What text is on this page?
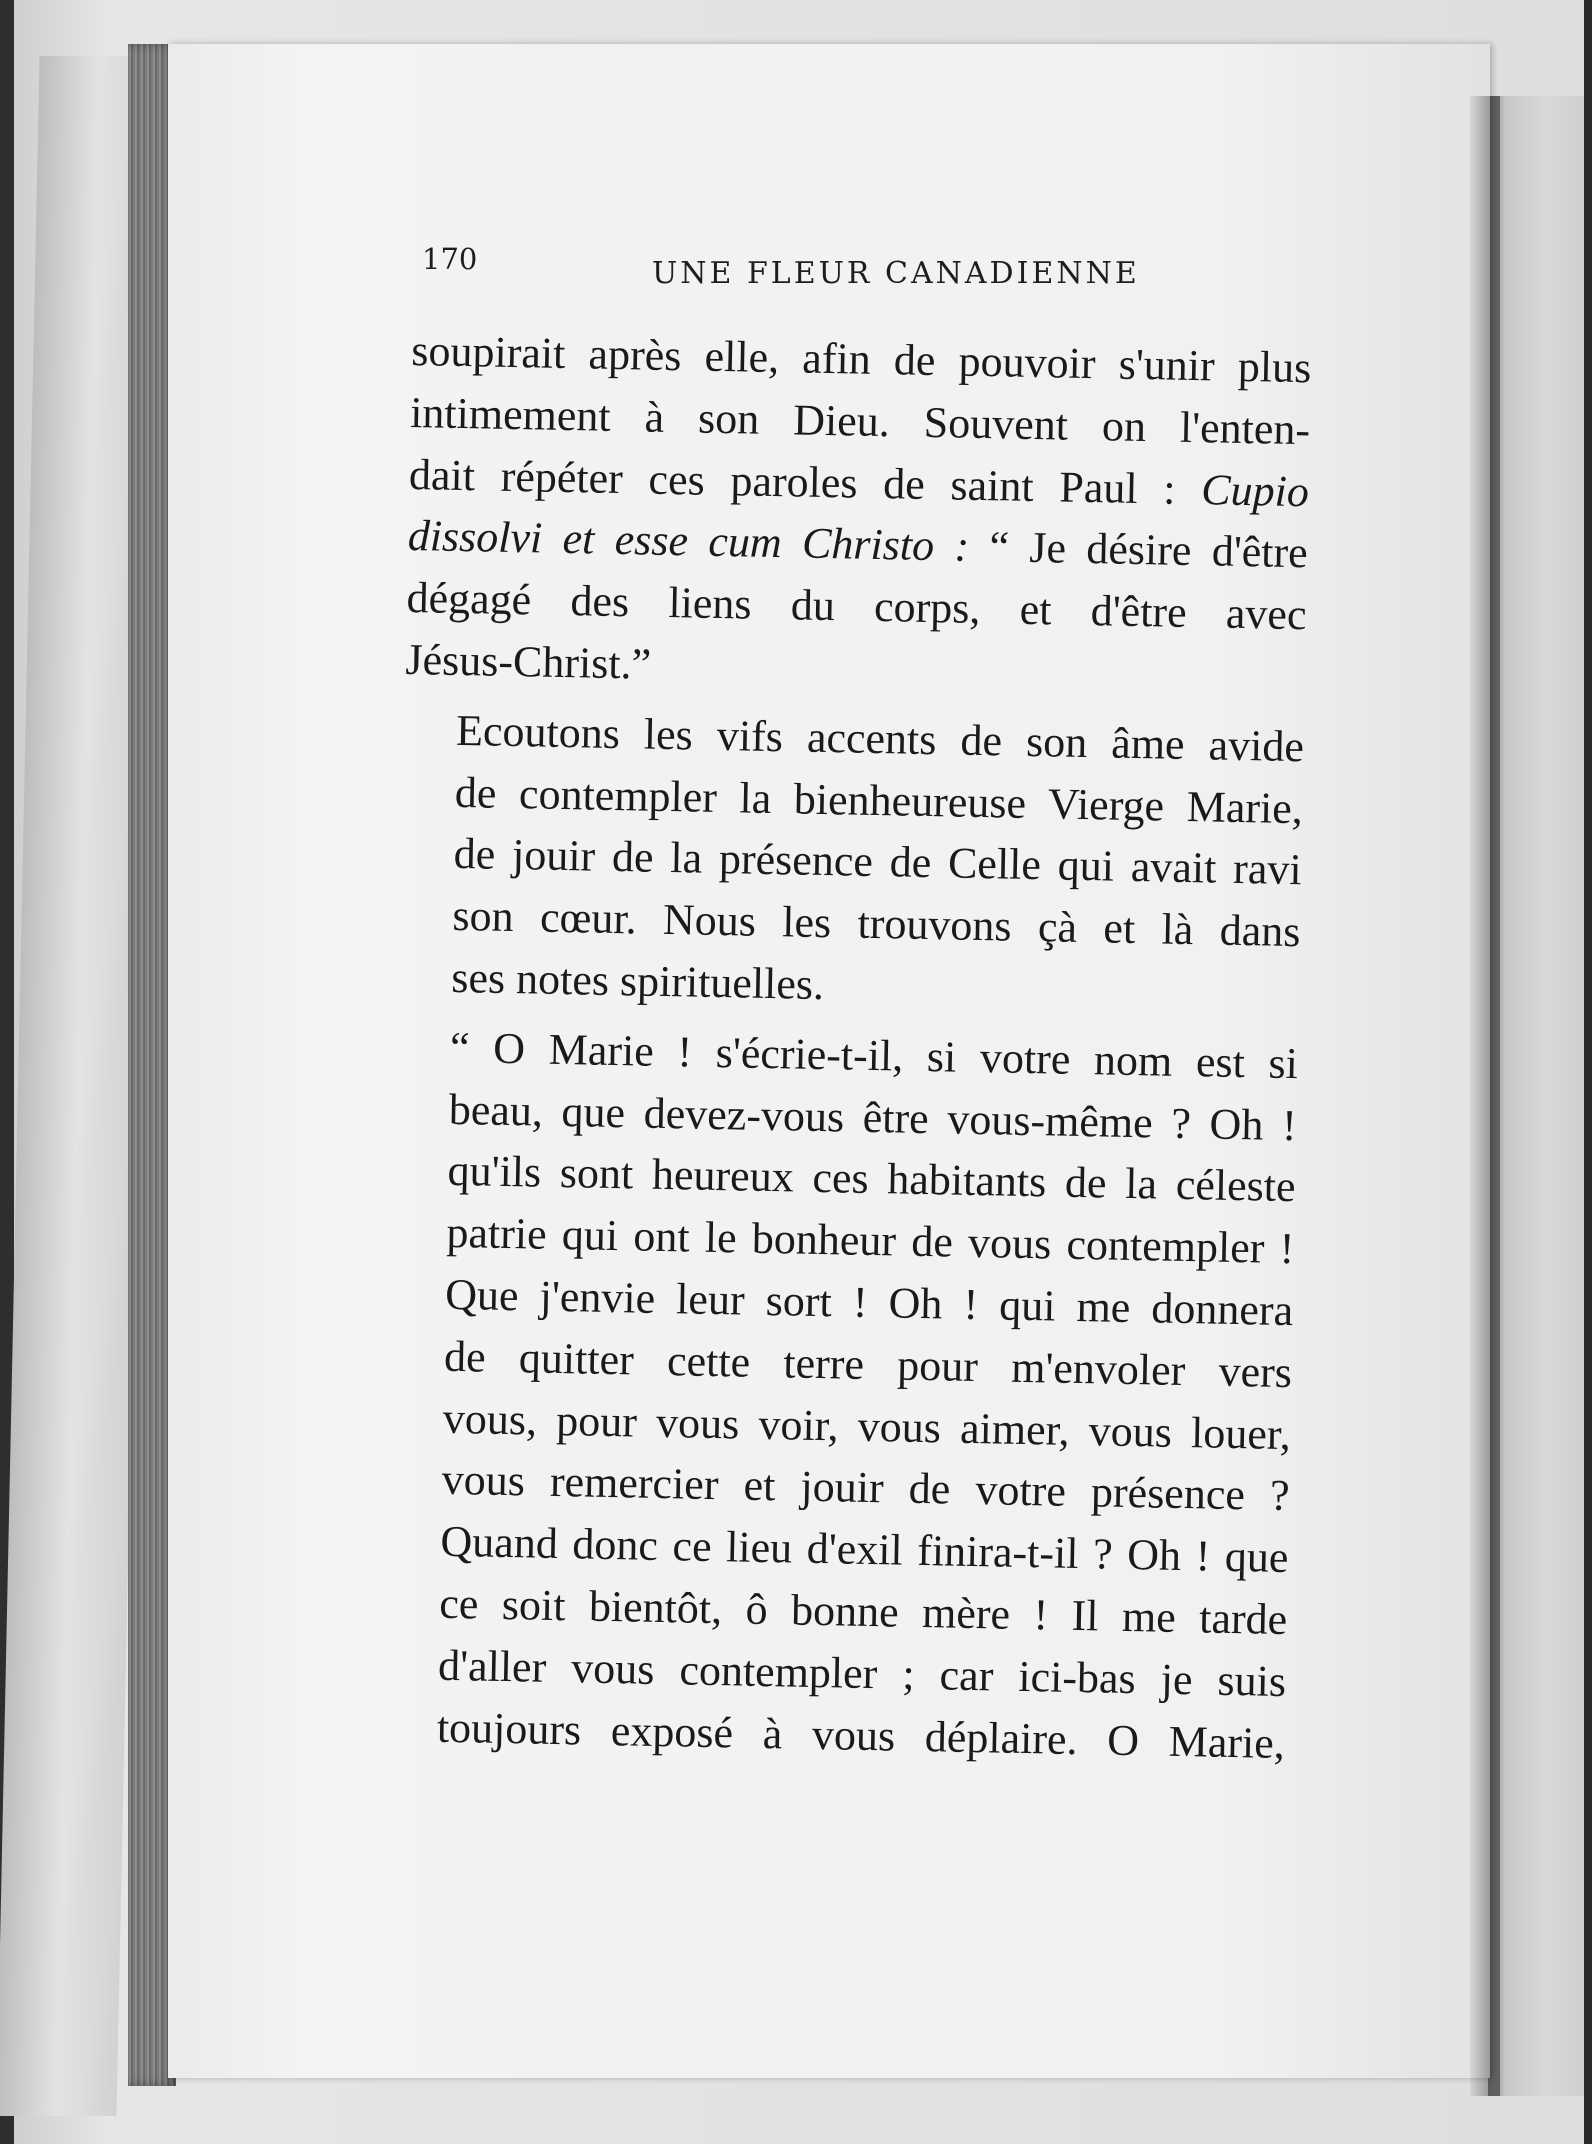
170	UNE FLEUR CANADIENNE

soupirait après elle, afin de pouvoir s'unir plus
intimement à son Dieu. Souvent on l'enten-
dait répéter ces paroles de saint Paul : Cupio
dissolvi et esse cum Christo : “ Je désire d'être
dégagé des liens du corps, et d'être avec
Jésus-Christ.”

Ecoutons les vifs accents de son âme avide
de contempler la bienheureuse Vierge Marie,
de jouir de la présence de Celle qui avait ravi
son cœur. Nous les trouvons çà et là dans
ses notes spirituelles.

“ O Marie ! s'écrie-t-il, si votre nom est si
beau, que devez-vous être vous-même ? Oh !
qu'ils sont heureux ces habitants de la céleste
patrie qui ont le bonheur de vous contempler !
Que j'envie leur sort ! Oh ! qui me donnera
de quitter cette terre pour m'envoler vers
vous, pour vous voir, vous aimer, vous louer,
vous remercier et jouir de votre présence ?
Quand donc ce lieu d'exil finira-t-il ? Oh ! que
ce soit bientôt, ô bonne mère ! Il me tarde
d'aller vous contempler ; car ici-bas je suis
toujours exposé à vous déplaire. O Marie,
